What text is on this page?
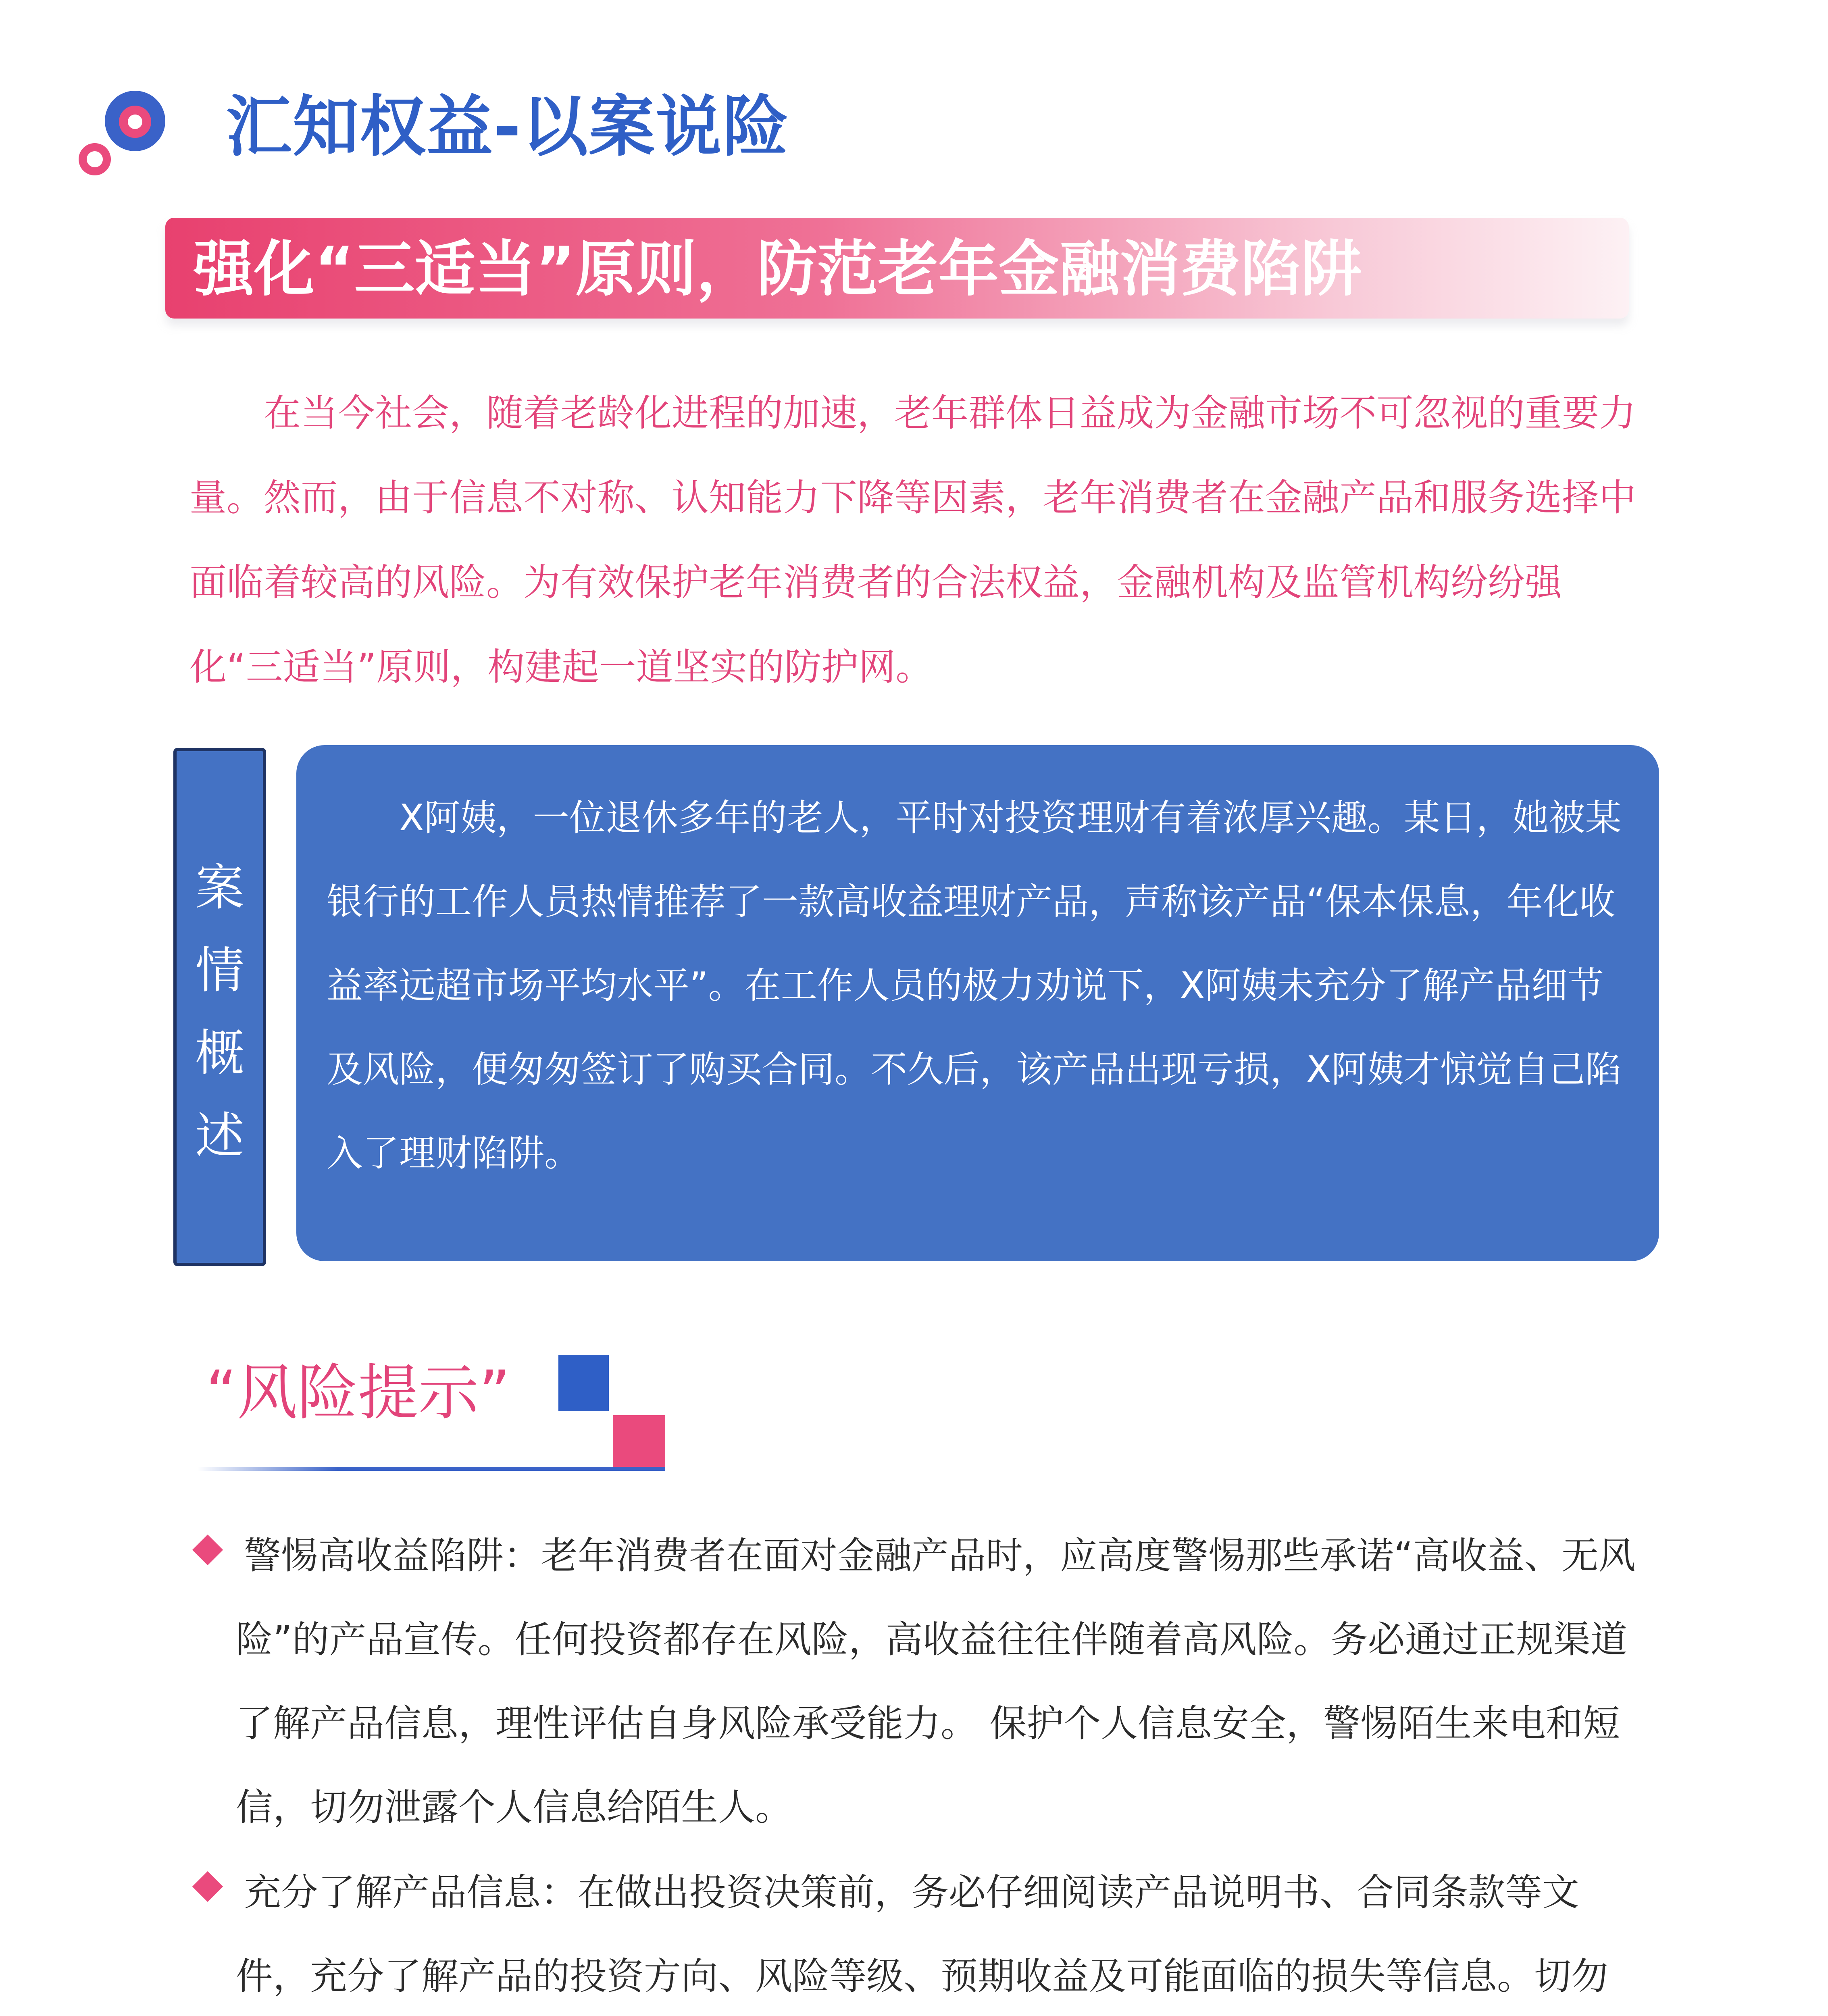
汇知权益-以案说险
强化“三适当”原则，防范老年金融消费陷阱
在当今社会，随着老龄化进程的加速，老年群体日益成为金融市场不可忽视的重要力量。然而，由于信息不对称、认知能力下降等因素，老年消费者在金融产品和服务选择中面临着较高的风险。为有效保护老年消费者的合法权益，金融机构及监管机构纷纷强化“三适当”原则，构建起一道坚实的防护网。
案
情
概
述
X阿姨，一位退休多年的老人，平时对投资理财有着浓厚兴趣。某日，她被某银行的工作人员热情推荐了一款高收益理财产品，声称该产品“保本保息，年化收益率远超市场平均水平”。在工作人员的极力劝说下，X阿姨未充分了解产品细节及风险，便匆匆签订了购买合同。不久后，该产品出现亏损，X阿姨才惊觉自己陷入了理财陷阱。
“风险提示”
警惕高收益陷阱：老年消费者在面对金融产品时，应高度警惕那些承诺“高收益、无风险”的产品宣传。任何投资都存在风险，高收益往往伴随着高风险。务必通过正规渠道了解产品信息，理性评估自身风险承受能力。 保护个人信息安全，警惕陌生来电和短信，切勿泄露个人信息给陌生人。
充分了解产品信息：在做出投资决策前，务必仔细阅读产品说明书、合同条款等文件，充分了解产品的投资方向、风险等级、预期收益及可能面临的损失等信息。切勿
